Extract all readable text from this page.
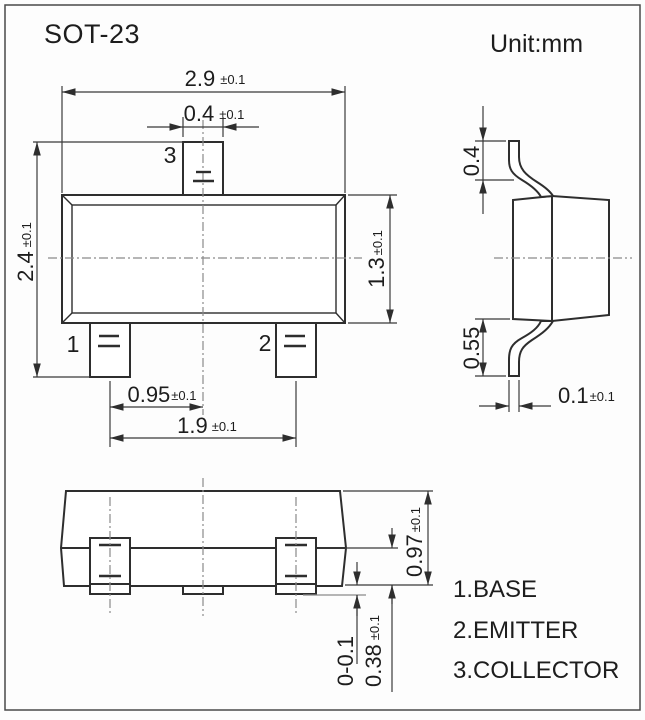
SOT-23	Unit:mm
3
1	2
2.9 ±0.1
0.4 ±0.1
2.4±0.1
1.3±0.1
0.95±0.1
1.9 ±0.1
0.4
0.55
0.1±0.1
0.97±0.1
0.38±0.1
0-0.1
1.BASE
2.EMITTER
3.COLLECTOR
